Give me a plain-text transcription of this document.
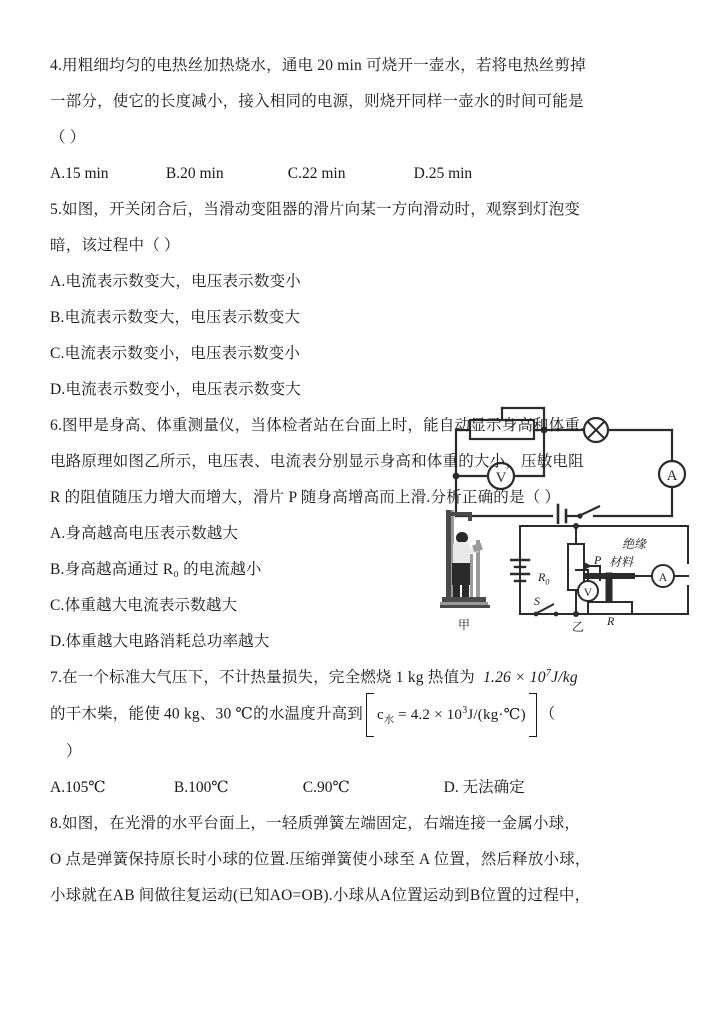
4.用粗细均匀的电热丝加热烧水，通电 20 min 可烧开一壶水，若将电热丝剪掉
一部分，使它的长度减小，接入相同的电源，则烧开同样一壶水的时间可能是
（ ）
A.15 min	B.20 min	C.22 min	D.25 min
5.如图，开关闭合后，当滑动变阻器的滑片向某一方向滑动时，观察到灯泡变
暗，该过程中（ ）
A.电流表示数变大，电压表示数变小
B.电流表示数变大，电压表示数变大
C.电流表示数变小，电压表示数变小
D.电流表示数变小，电压表示数变大
V	A
6.图甲是身高、体重测量仪，当体检者站在台面上时，能自动显示身高和体重.
电路原理如图乙所示，电压表、电流表分别显示身高和体重的大小，压敏电阻
R 的阻值随压力增大而增大，滑片 P 随身高增高而上滑.分析正确的是（ ）
A.身高越高电压表示数越大
B.身高越高通过 R₀ 的电流越小
C.体重越大电流表示数越大
D.体重越大电路消耗总功率越大
甲
V
A
$R_0$
P
绝缘
材料
R
S
乙
7.在一个标准大气压下，不计热量损失，完全燃烧 1 kg 热值为 $1.26 \times 10^7J/kg$
的干木柴，能使 40 kg、30 ℃的水温度升高到 $c_水 = 4.2$ × $10^3J/(kg\cdot℃)$ （
）
A.105℃	B.100℃	C.90℃	D. 无法确定
8.如图，在光滑的水平台面上，一轻质弹簧左端固定，右端连接一金属小球，
O 点是弹簧保持原长时小球的位置.压缩弹簧使小球至 A 位置，然后释放小球，
小球就在AB 间做往复运动(已知AO=OB).小球从A位置运动到B位置的过程中，
